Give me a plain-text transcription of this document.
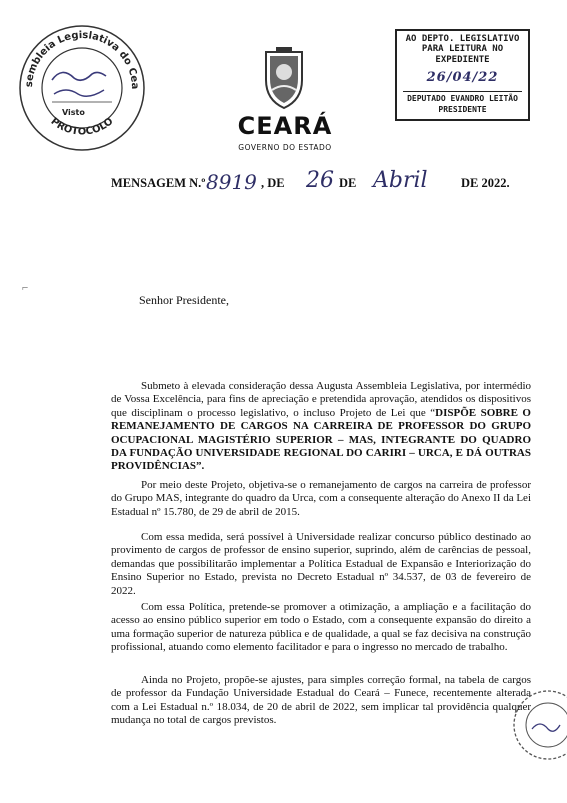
sembleia Legislativa do Cea
PROTOCOLO
Visto
AO DEPTO. LEGISLATIVO
PARA LEITURA NO EXPEDIENTE
26/04/22
DEPUTADO EVANDRO LEITÃO
PRESIDENTE
CEARÁ
GOVERNO DO ESTADO
MENSAGEM N.º 8919 , DE 26 DE Abril	DE 2022.
⌐
Senhor Presidente,
Submeto à elevada consideração dessa Augusta Assembleia Legislativa, por intermédio de Vossa Excelência, para fins de apreciação e pretendida aprovação, atendidos os dispositivos que disciplinam o processo legislativo, o incluso Projeto de Lei que “DISPÕE SOBRE O REMANEJAMENTO DE CARGOS NA CARREIRA DE PROFESSOR DO GRUPO OCUPACIONAL MAGISTÉRIO SUPERIOR – MAS, INTEGRANTE DO QUADRO DA FUNDAÇÃO UNIVERSIDADE REGIONAL DO CARIRI – URCA, E DÁ OUTRAS PROVIDÊNCIAS”.
Por meio deste Projeto, objetiva-se o remanejamento de cargos na carreira de professor do Grupo MAS, integrante do quadro da Urca, com a consequente alteração do Anexo II da Lei Estadual nº 15.780, de 29 de abril de 2015.
Com essa medida, será possível à Universidade realizar concurso público destinado ao provimento de cargos de professor de ensino superior, suprindo, além de carências de pessoal, demandas que possibilitarão implementar a Política Estadual de Expansão e Interiorização do Ensino Superior no Estado, prevista no Decreto Estadual nº 34.537, de 03 de fevereiro de 2022.
Com essa Política, pretende-se promover a otimização, a ampliação e a facilitação do acesso ao ensino público superior em todo o Estado, com a consequente expansão do direito a uma formação superior de natureza pública e de qualidade, a qual se faz decisiva na construção profissional, atuando como elemento facilitador e para o ingresso no mercado de trabalho.
Ainda no Projeto, propõe-se ajustes, para simples correção formal, na tabela de cargos de professor da Fundação Universidade Estadual do Ceará – Funece, recentemente alterada com a Lei Estadual n.º 18.034, de 20 de abril de 2022, sem implicar tal providência qualquer mudança no total de cargos previstos.
